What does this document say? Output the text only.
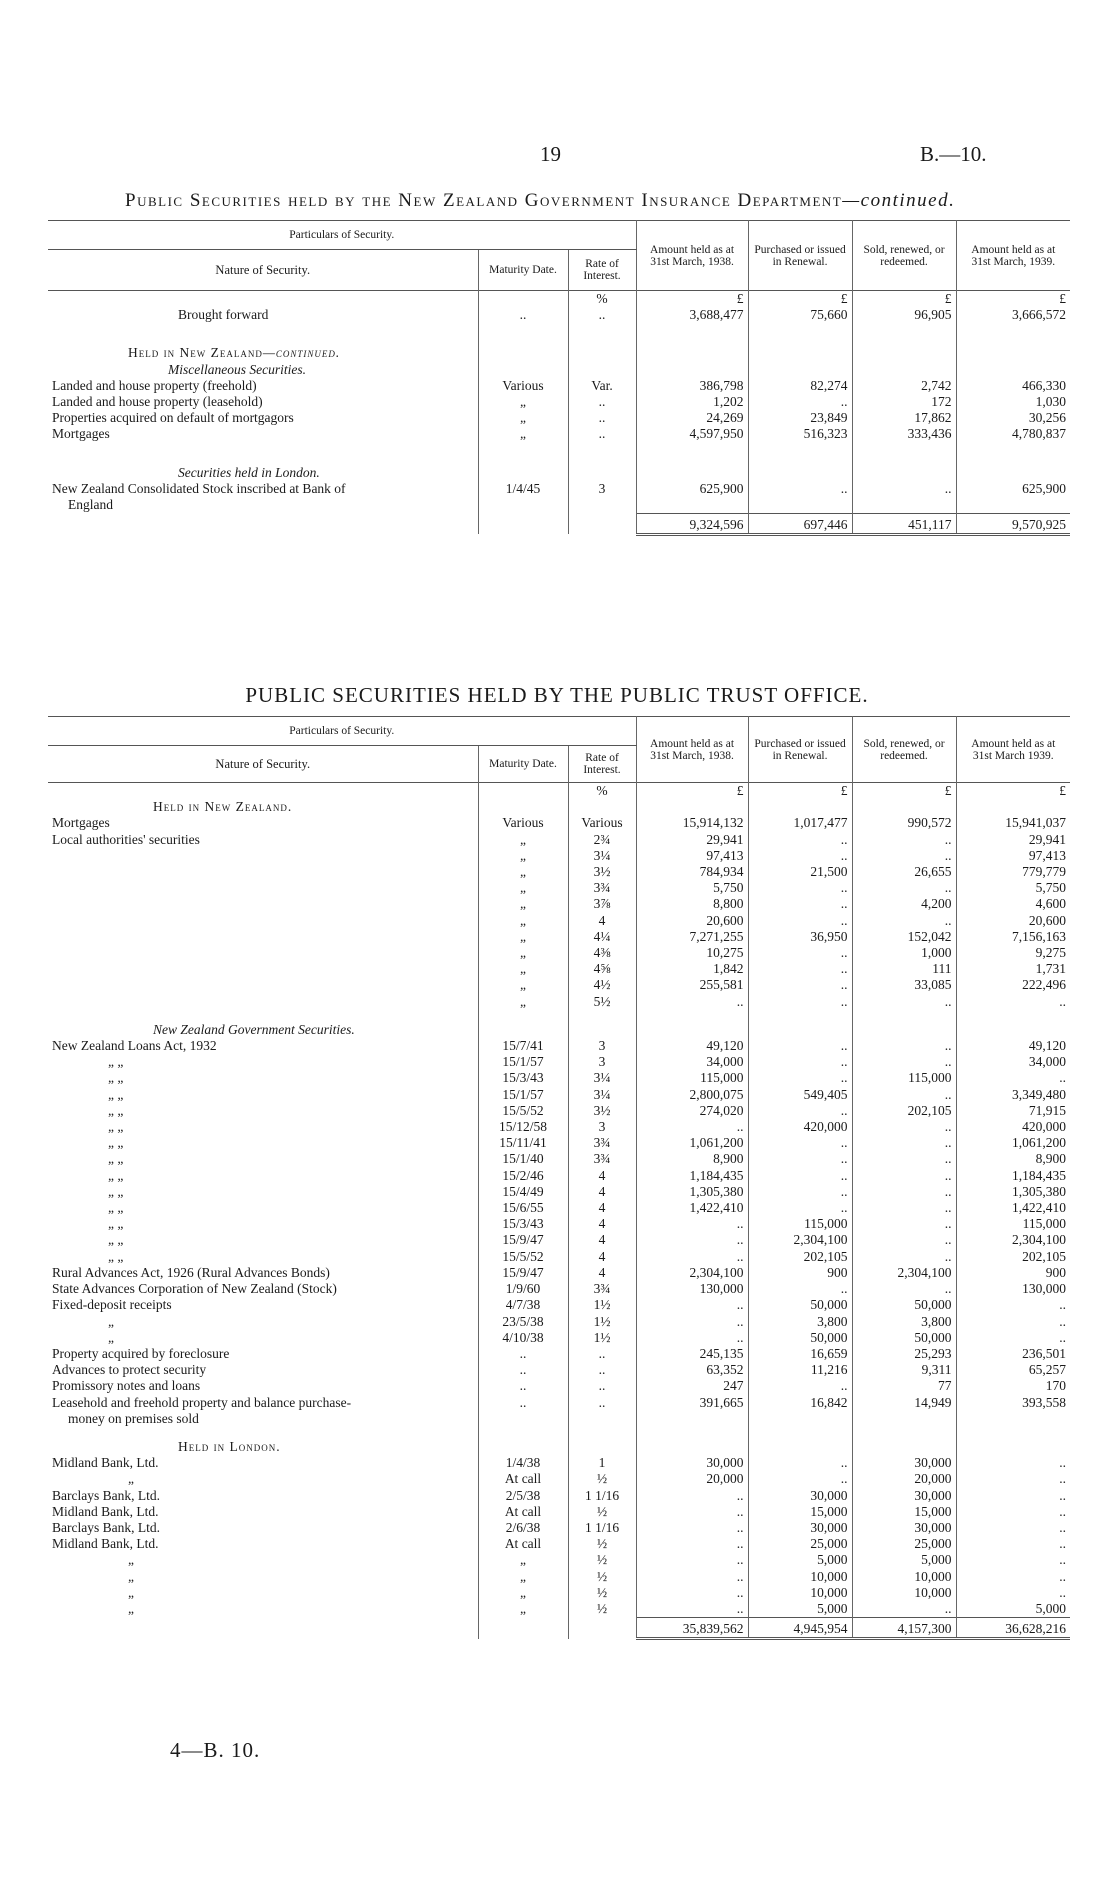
19	B.—10.
Public Securities held by the New Zealand Government Insurance Department—continued.
Particulars of Security.			Amount held as at 31st March, 1938.	Purchased or issued in Renewal.	Sold, renewed, or redeemed.	Amount held as at 31st March, 1939.
Nature of Security.	Maturity Date.	Rate of Interest.				
		%	£	£	£	£
Brought forward	..	..	3,688,477	75,660	96,905	3,666,572

Held in New Zealand—continued.						
Miscellaneous Securities.						
Landed and house property (freehold)	Various	Var.	386,798	82,274	2,742	466,330
Landed and house property (leasehold)	„	..	1,202	..	172	1,030
Properties acquired on default of mortgagors	„	..	24,269	23,849	17,862	30,256
Mortgages	„	..	4,597,950	516,323	333,436	4,780,837

Securities held in London.						
New Zealand Consolidated Stock inscribed at Bank of	1/4/45	3	625,900	..	..	625,900
England						
			9,324,596	697,446	451,117	9,570,925
PUBLIC SECURITIES HELD BY THE PUBLIC TRUST OFFICE.
Particulars of Security.			Amount held as at 31st March, 1938.	Purchased or issued in Renewal.	Sold, renewed, or redeemed.	Amount held as at 31st March 1939.
Nature of Security.	Maturity Date.	Rate of Interest.				
		%	£	£	£	£
Held in New Zealand.						
Mortgages	Various	Various	15,914,132	1,017,477	990,572	15,941,037
Local authorities' securities	„	2¾	29,941	..	..	29,941
	„	3¼	97,413	..	..	97,413
	„	3½	784,934	21,500	26,655	779,779
	„	3¾	5,750	..	..	5,750
	„	3⅞	8,800	..	4,200	4,600
	„	4	20,600	..	..	20,600
	„	4¼	7,271,255	36,950	152,042	7,156,163
	„	4⅜	10,275	..	1,000	9,275
	„	4⅝	1,842	..	111	1,731
	„	4½	255,581	..	33,085	222,496
	„	5½	..	..	..	..

New Zealand Government Securities.						
New Zealand Loans Act, 1932	15/7/41	3	49,120	..	..	49,120
„ „	15/1/57	3	34,000	..	..	34,000
„ „	15/3/43	3¼	115,000	..	115,000	..
„ „	15/1/57	3¼	2,800,075	549,405	..	3,349,480
„ „	15/5/52	3½	274,020	..	202,105	71,915
„ „	15/12/58	3	..	420,000	..	420,000
„ „	15/11/41	3¾	1,061,200	..	..	1,061,200
„ „	15/1/40	3¾	8,900	..	..	8,900
„ „	15/2/46	4	1,184,435	..	..	1,184,435
„ „	15/4/49	4	1,305,380	..	..	1,305,380
„ „	15/6/55	4	1,422,410	..	..	1,422,410
„ „	15/3/43	4	..	115,000	..	115,000
„ „	15/9/47	4	..	2,304,100	..	2,304,100
„ „	15/5/52	4	..	202,105	..	202,105
Rural Advances Act, 1926 (Rural Advances Bonds)	15/9/47	4	2,304,100	900	2,304,100	900
State Advances Corporation of New Zealand (Stock)	1/9/60	3¾	130,000	..	..	130,000
Fixed-deposit receipts	4/7/38	1½	..	50,000	50,000	..
„	23/5/38	1½	..	3,800	3,800	..
„	4/10/38	1½	..	50,000	50,000	..
Property acquired by foreclosure	..	..	245,135	16,659	25,293	236,501
Advances to protect security	..	..	63,352	11,216	9,311	65,257
Promissory notes and loans	..	..	247	..	77	170
Leasehold and freehold property and balance purchase-	..	..	391,665	16,842	14,949	393,558
money on premises sold						

Held in London.						
Midland Bank, Ltd.	1/4/38	1	30,000	..	30,000	..
„	At call	½	20,000	..	20,000	..
Barclays Bank, Ltd.	2/5/38	1 1/16	..	30,000	30,000	..
Midland Bank, Ltd.	At call	½	..	15,000	15,000	..
Barclays Bank, Ltd.	2/6/38	1 1/16	..	30,000	30,000	..
Midland Bank, Ltd.	At call	½	..	25,000	25,000	..
„	„	½	..	5,000	5,000	..
„	„	½	..	10,000	10,000	..
„	„	½	..	10,000	10,000	..
„	„	½	..	5,000	..	5,000
			35,839,562	4,945,954	4,157,300	36,628,216
4—B. 10.
